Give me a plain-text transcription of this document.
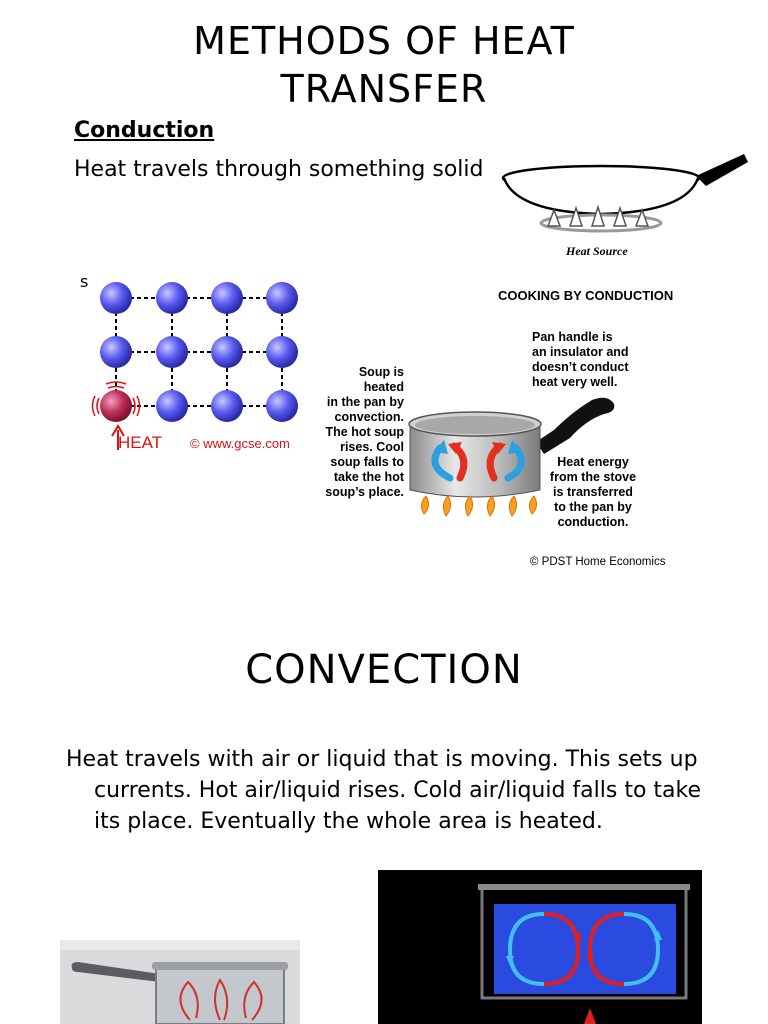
METHODS OF HEAT
TRANSFER
Conduction
Heat travels through something solid
s
Heat Source
HEAT © www.gcse.com
COOKING BY CONDUCTION
Pan handle is
an insulator and
doesn’t conduct
heat very well.
Soup is
heated
in the pan by
convection.
The hot soup
rises. Cool
soup falls to
take the hot
soup’s place.
Heat energy
from the stove
is transferred
to the pan by
conduction.
© PDST Home Economics
CONVECTION
Heat travels with air or liquid that is moving. This sets up currents. Hot air/liquid rises. Cold air/liquid falls to take its place. Eventually the whole area is heated.
